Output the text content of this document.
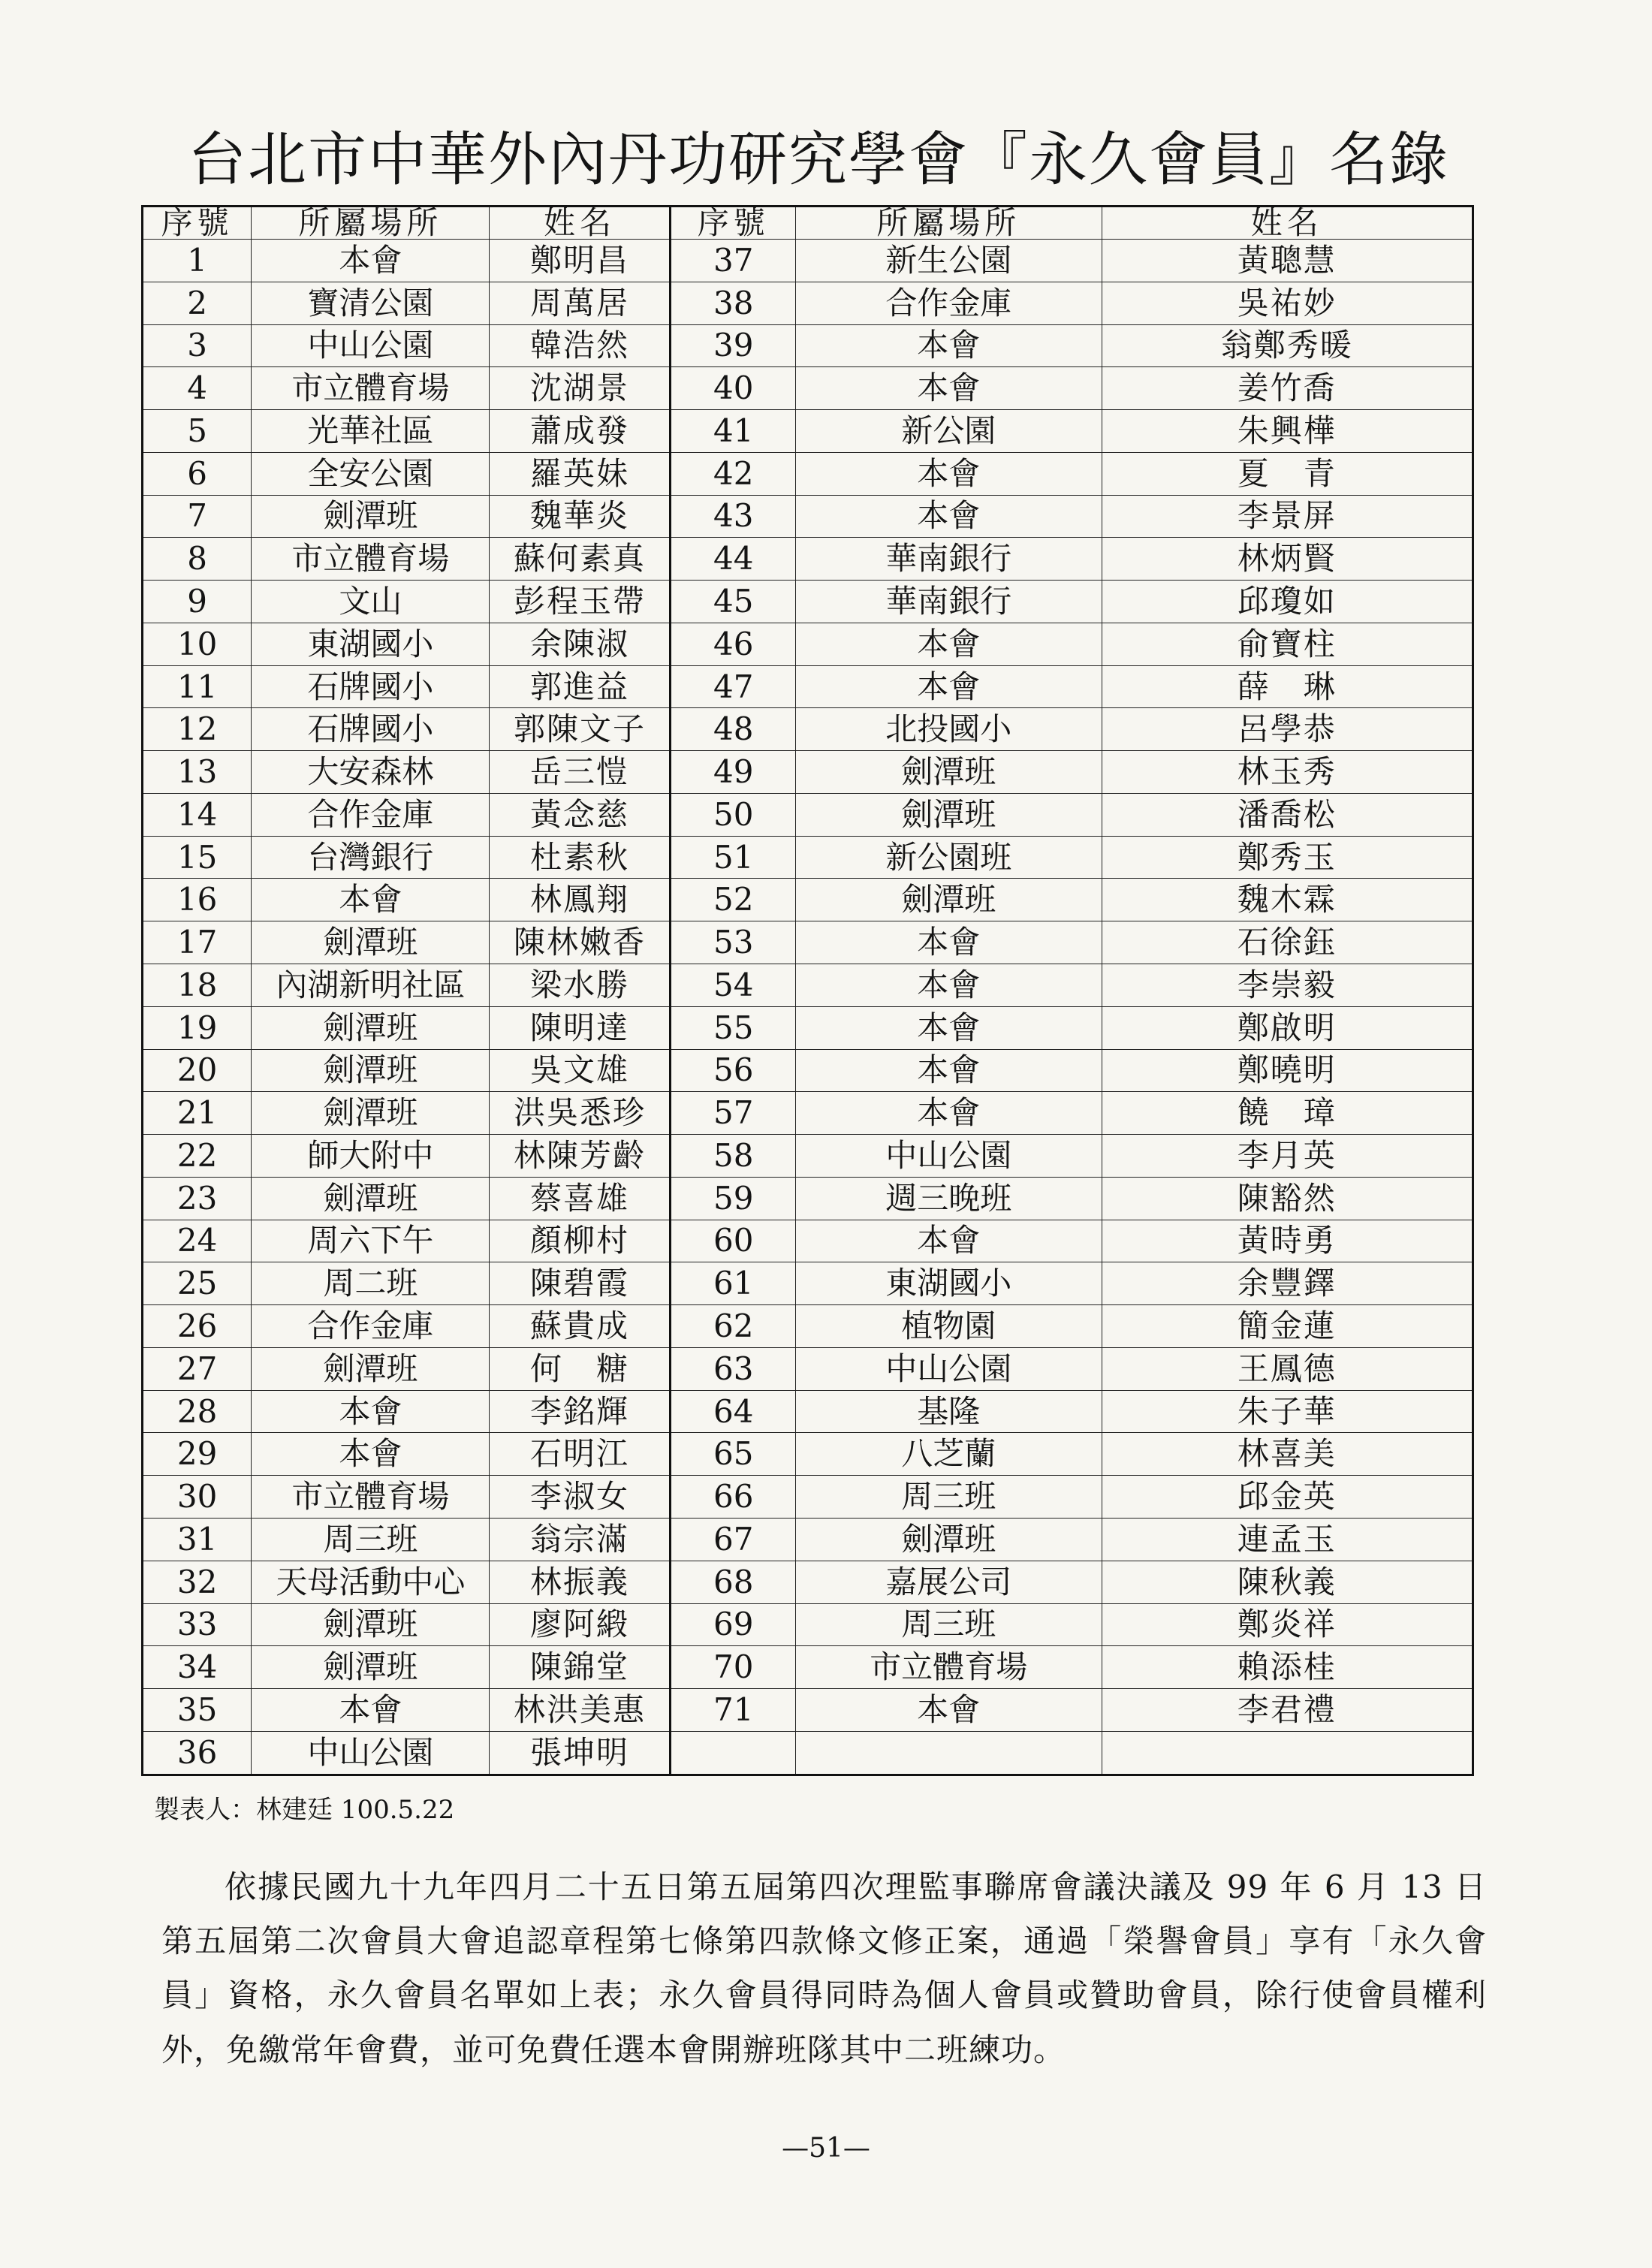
台北市中華外內丹功研究學會『永久會員』名錄
序號	所屬場所	姓名	序號	所屬場所	姓名
1	本會	鄭明昌	37	新生公園	黃聰慧
2	寶清公園	周萬居	38	合作金庫	吳祐妙
3	中山公園	韓浩然	39	本會	翁鄭秀暖
4	市立體育場	沈湖景	40	本會	姜竹喬
5	光華社區	蕭成發	41	新公園	朱興樺
6	全安公園	羅英妹	42	本會	夏　青
7	劍潭班	魏華炎	43	本會	李景屏
8	市立體育場	蘇何素真	44	華南銀行	林炳賢
9	文山	彭程玉帶	45	華南銀行	邱瓊如
10	東湖國小	余陳淑	46	本會	俞寶柱
11	石牌國小	郭進益	47	本會	薛　琳
12	石牌國小	郭陳文子	48	北投國小	呂學恭
13	大安森林	岳三愷	49	劍潭班	林玉秀
14	合作金庫	黃念慈	50	劍潭班	潘喬松
15	台灣銀行	杜素秋	51	新公園班	鄭秀玉
16	本會	林鳳翔	52	劍潭班	魏木霖
17	劍潭班	陳林嫩香	53	本會	石徐鈺
18	內湖新明社區	梁水勝	54	本會	李崇毅
19	劍潭班	陳明達	55	本會	鄭啟明
20	劍潭班	吳文雄	56	本會	鄭曉明
21	劍潭班	洪吳悉珍	57	本會	饒　璋
22	師大附中	林陳芳齡	58	中山公園	李月英
23	劍潭班	蔡喜雄	59	週三晚班	陳豁然
24	周六下午	顏柳村	60	本會	黃時勇
25	周二班	陳碧霞	61	東湖國小	余豐鐸
26	合作金庫	蘇貴成	62	植物園	簡金蓮
27	劍潭班	何　糖	63	中山公園	王鳳德
28	本會	李銘輝	64	基隆	朱子華
29	本會	石明江	65	八芝蘭	林喜美
30	市立體育場	李淑女	66	周三班	邱金英
31	周三班	翁宗滿	67	劍潭班	連孟玉
32	天母活動中心	林振義	68	嘉展公司	陳秋義
33	劍潭班	廖阿緞	69	周三班	鄭炎祥
34	劍潭班	陳錦堂	70	市立體育場	賴添桂
35	本會	林洪美惠	71	本會	李君禮
36	中山公園	張坤明			
製表人：林建廷 100.5.22

依據民國九十九年四月二十五日第五屆第四次理監事聯席會議決議及 99 年 6 月 13 日第五屆第二次會員大會追認章程第七條第四款條文修正案，通過「榮譽會員」享有「永久會員」資格，永久會員名單如上表；永久會員得同時為個人會員或贊助會員，除行使會員權利外，免繳常年會費，並可免費任選本會開辦班隊其中二班練功。

—51—
